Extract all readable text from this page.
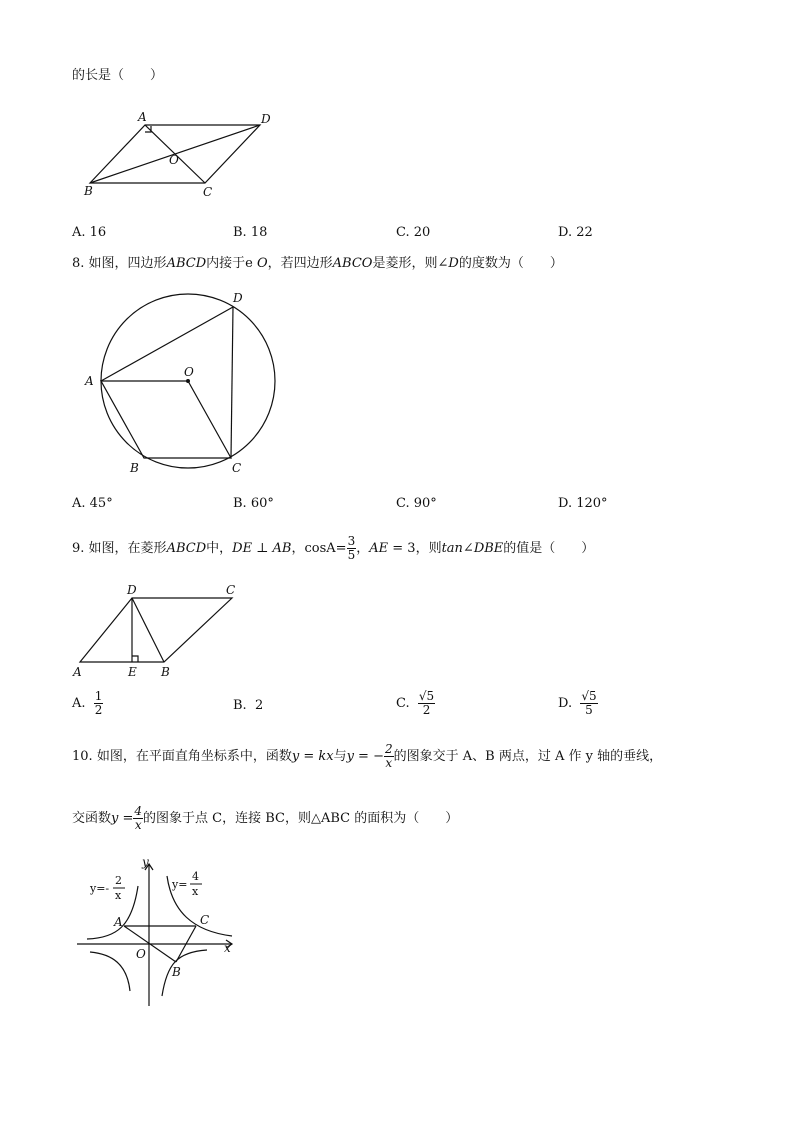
的长是（　　）
A	D
O
B	C
A. 16	B. 18	C. 20	D. 22
8. 如图，四边形ABCD内接于e O，若四边形ABCO是菱形，则∠D的度数为（　　）
D
O
A
B	C
A. 45°	B. 60°	C. 90°	D. 120°
9. 如图，在菱形ABCD中，DE ⊥ AB，$\cos A= \frac{3}{5}$ ，AE = 3，则tan∠DBE的值是（　　）
D	C
A	E B
A. $\frac{1}{2}$	B. 2	C. $\frac{√5}{2}$	D. $\frac{√5}{5}$
10. 如图，在平面直角坐标系中，函数y = kx与y = − $\frac{2}{x}$ 的图象交于 A、B 两点，过 A 作 y 轴的垂线，
交函数$y = \frac{4}{x}$ 的图象于点 C，连接 BC，则△ABC 的面积为（　　）
y=-
2
x
y=
4
x
y
x
A	C
O
B
